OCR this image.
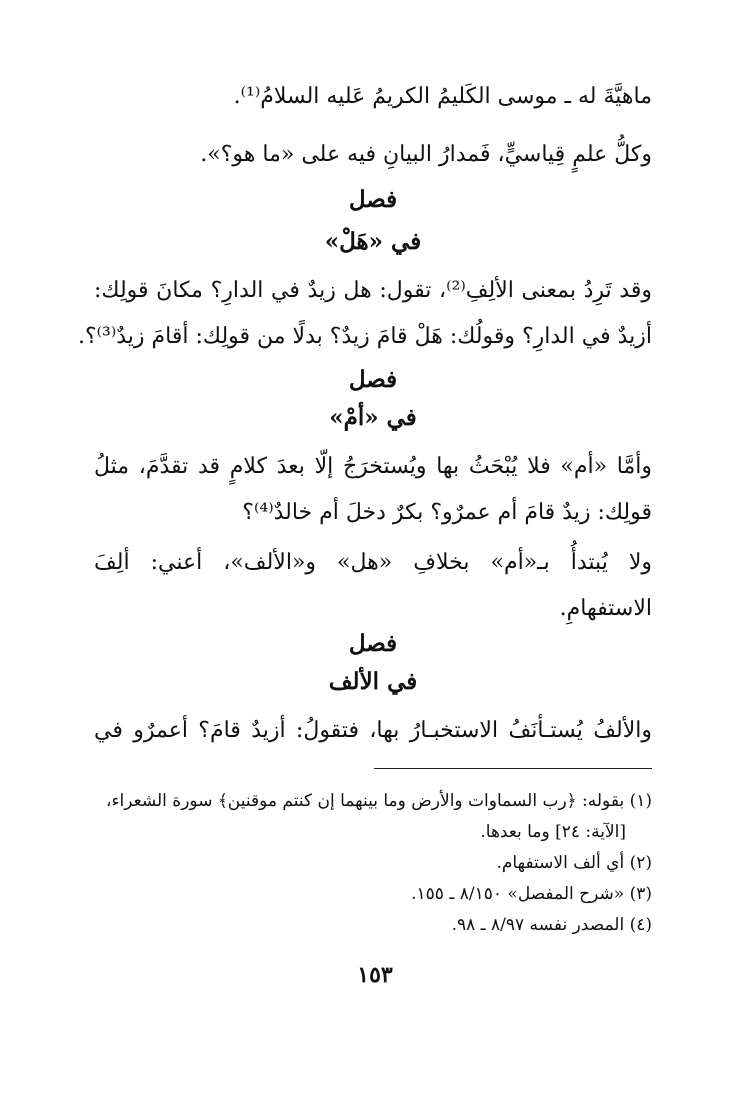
ماهيَّةَ له ـ موسى الكَليمُ الكريمُ عَليه السلامُ⁽¹⁾.
وكلُّ علمٍ قِياسيٍّ، فَمدارُ البيانِ فيه على «ما هو؟».
فصل
في «هَلْ»
وقد تَرِدُ بمعنى الألِفِ⁽²⁾، تقول: هل زيدٌ في الدارِ؟ مكانَ قولِك:
أزيدٌ في الدارِ؟ وقولُك: هَلْ قامَ زيدٌ؟ بدلًا من قولِك: أقامَ زيدٌ⁽³⁾؟.
فصل
في «أمْ»
وأمَّا «أم» فلا يُبْحَثُ بها ويُستخرَجُ إلّا بعدَ كلامٍ قد تقدَّمَ، مثلُ
قولِك: زيدٌ قامَ أم عمرٌو؟ بكرٌ دخلَ أم خالدٌ⁽⁴⁾؟
ولا يُبتدأُ بـ«أم» بخلافِ «هل» و«الألف»، أعني: ألِفَ
الاستفهامِ.
فصل
في الألف
والألفُ يُستـأنَفُ الاستخبـارُ بها، فتقولُ: أزيدٌ قامَ؟ أعمرٌو في
(١) بقوله: ﴿رب السماوات والأرض وما بينهما إن كنتم موقنين﴾ سورة الشعراء،
[الآية: ٢٤] وما بعدها.
(٢) أي ألف الاستفهام.
(٣) «شرح المفصل» ٨/١٥٠ ـ ١٥٥.
(٤) المصدر نفسه ٨/٩٧ ـ ٩٨.
١٥٣
